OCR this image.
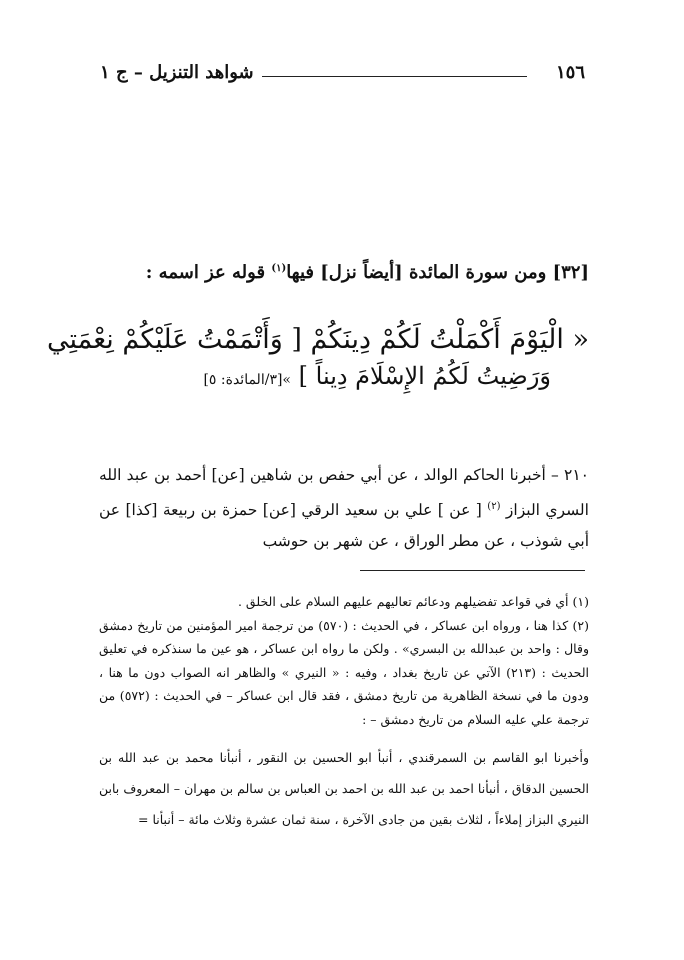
شواهد التنزيل – ج ١	١٥٦
[٣٢] ومن سورة المائدة [أيضاً نزل] فيها$^{(١)}$ قوله عز اسمه :
« الْيَوْمَ أَكْمَلْتُ لَكُمْ دِينَكُمْ [ وَأَتْمَمْتُ عَلَيْكُمْ نِعْمَتِي
وَرَضِيتُ لَكُمُ الإِسْلَامَ دِيناً ] »[٣/المائدة: ٥]
٢١٠ – أخبرنا الحاكم الوالد ، عن أبي حفص بن شاهين [عن] أحمد بن عبد الله السري البزاز $^{(٢)}$ [ عن ] علي بن سعيد الرقي [عن] حمزة بن ربيعة [كذا] عن أبي شوذب ، عن مطر الوراق ، عن شهر بن حوشب

(١) أي في قواعد تفضيلهم ودعائم تعاليهم عليهم السلام على الخلق .

(٢) كذا هنا ، ورواه ابن عساكر ، في الحديث : (٥٧٠) من ترجمة امير المؤمنين من تاريخ دمشق وقال : واحد بن عبدالله بن البسري» . ولكن ما رواه ابن عساكر ، هو عين ما سنذكره في تعليق الحديث : (٢١٣) الآتي عن تاريخ بغداد ، وفيه : « النيري » والظاهر انه الصواب دون ما هنا ، ودون ما في نسخة الظاهرية من تاريخ دمشق ، فقد قال ابن عساكر – في الحديث : (٥٧٢) من ترجمة علي عليه السلام من تاريخ دمشق – :

وأخبرنا ابو القاسم بن السمرقندي ، أنبأ ابو الحسين بن النقور ، أنبأنا محمد بن عبد الله بن الحسين الدقاق ، أنبأنا احمد بن عبد الله بن احمد بن العباس بن سالم بن مهران – المعروف بابن النيري البزاز إملاءاً ، لثلاث بقين من جادى الآخرة ، سنة ثمان عشرة وثلاث مائة – أنبأنا =
